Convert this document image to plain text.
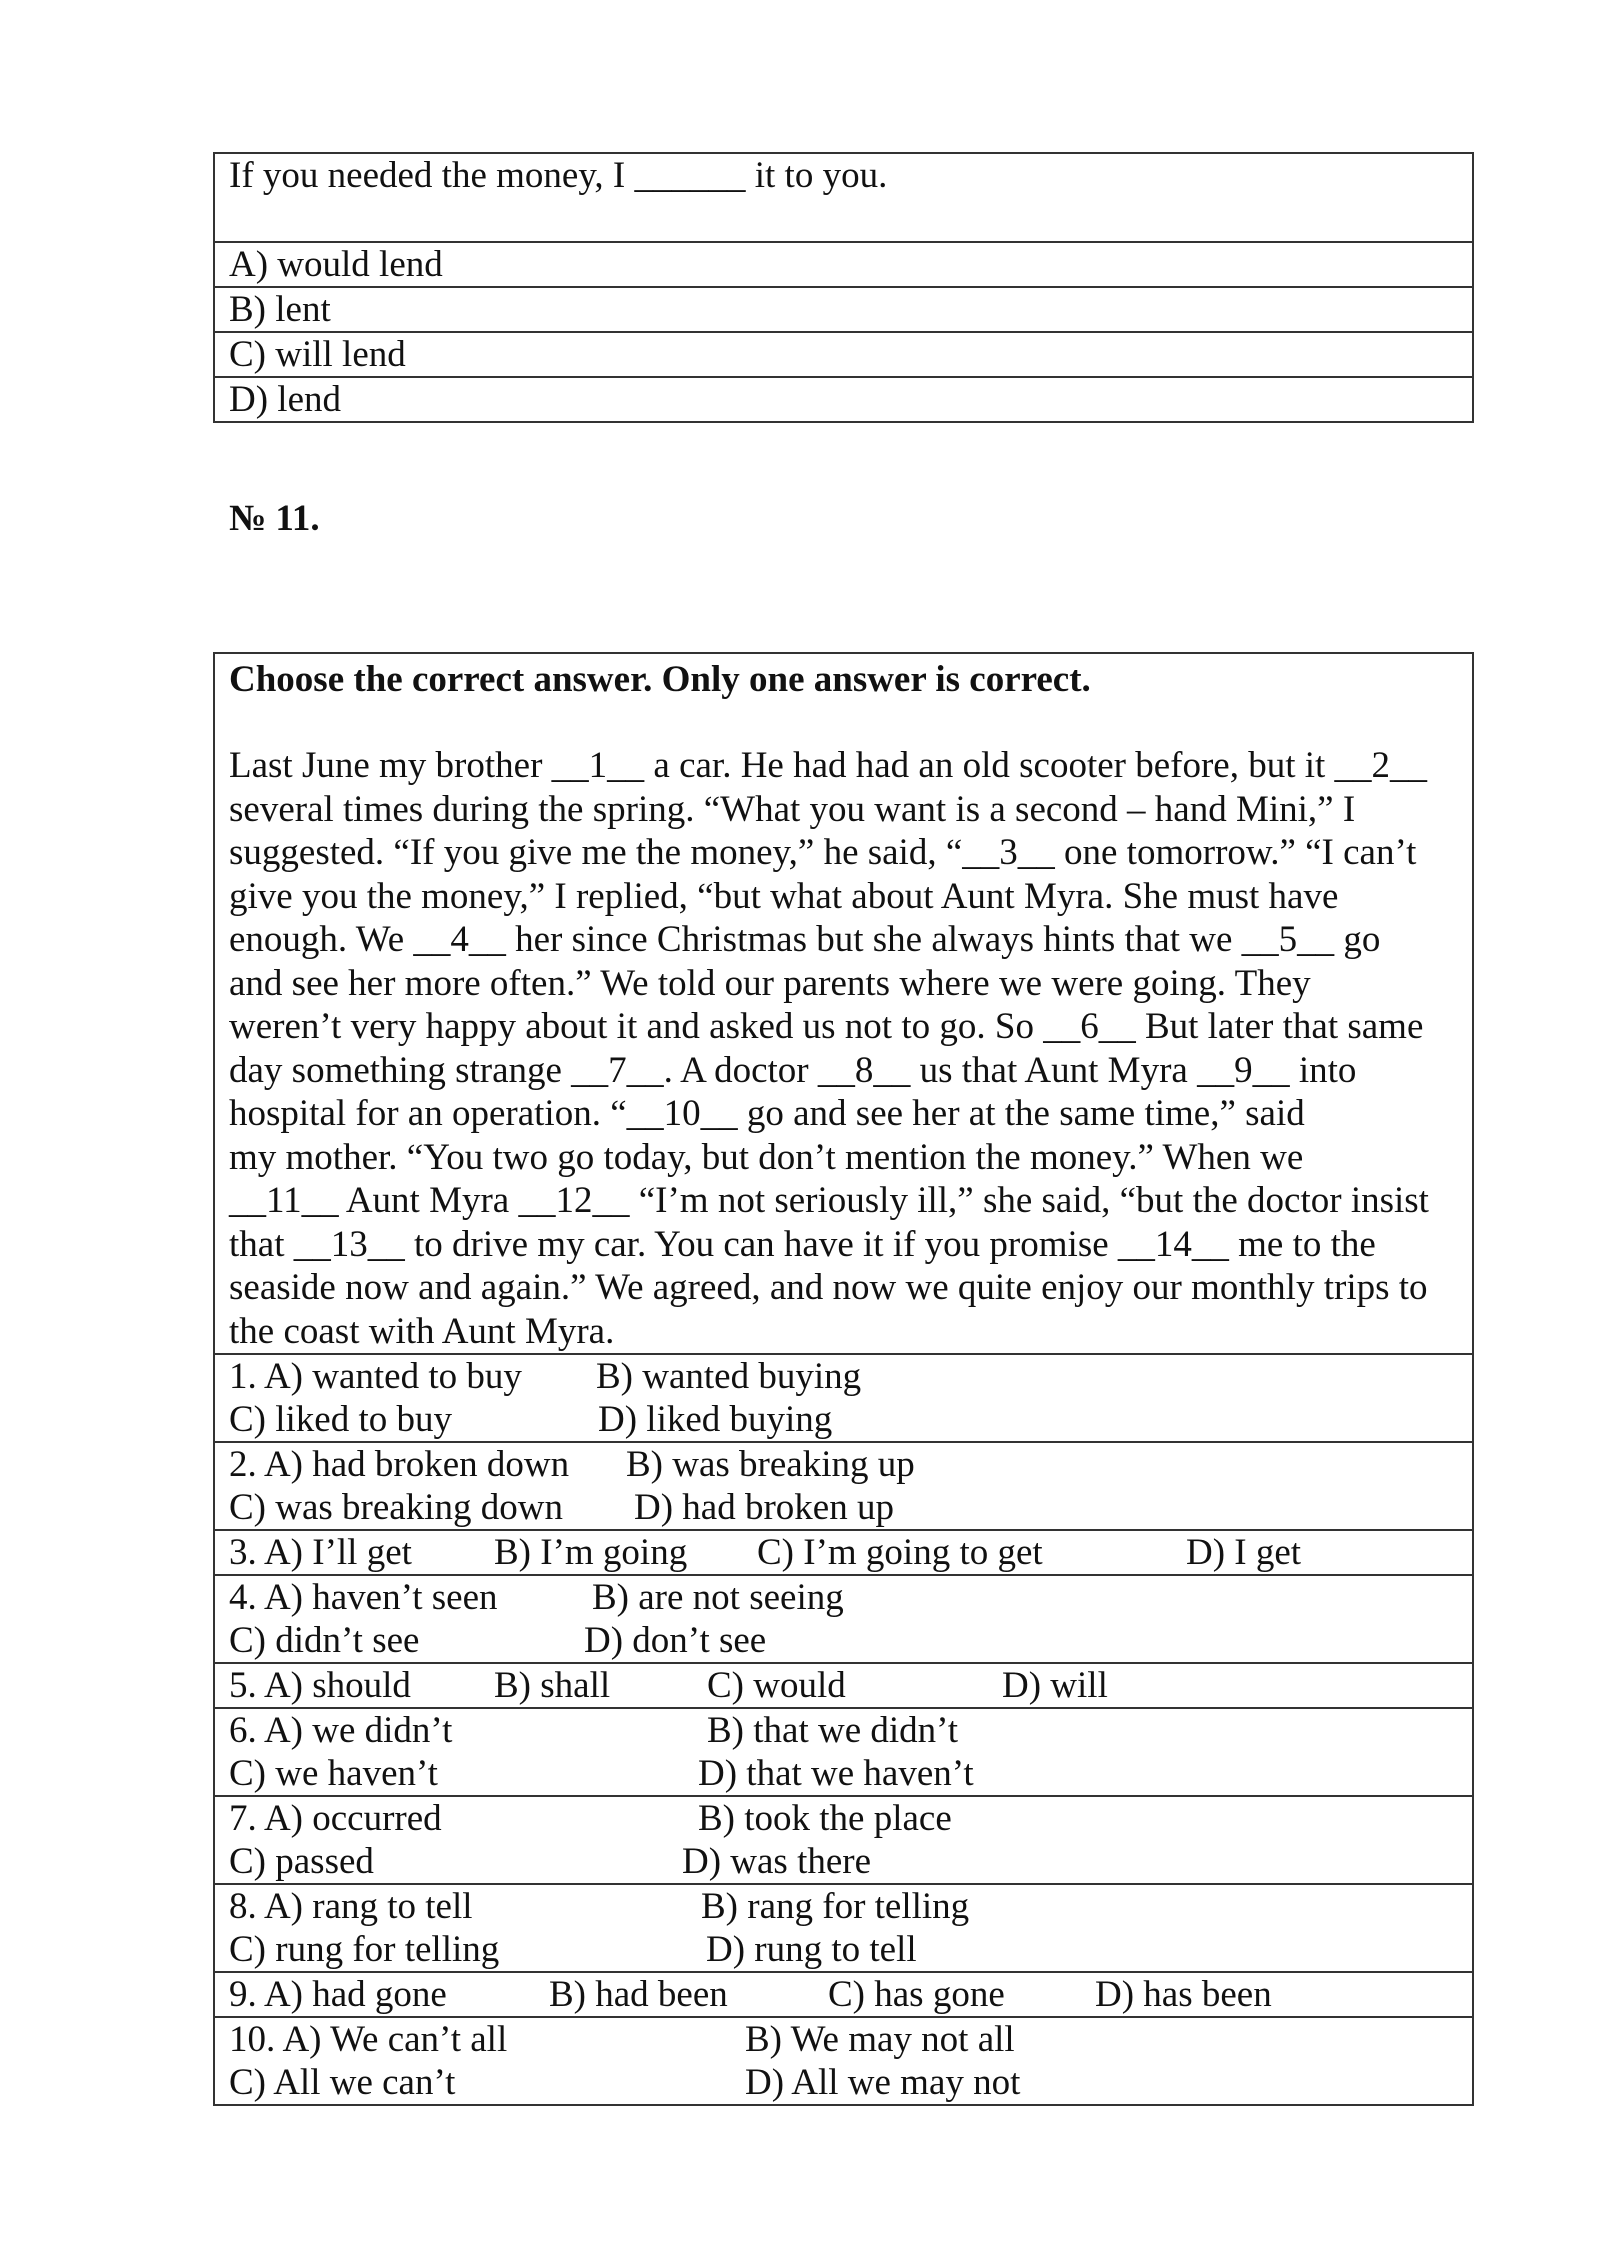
If you needed the money, I ______ it to you.
A) would lend
B) lent
C) will lend
D) lend
№ 11.
Choose the correct answer. Only one answer is correct.
Last June my brother __1__ a car. He had had an old scooter before, but it __2__
several times during the spring. “What you want is a second – hand Mini,” I
suggested. “If you give me the money,” he said, “__3__ one tomorrow.” “I can’t
give you the money,” I replied, “but what about Aunt Myra. She must have
enough. We __4__ her since Christmas but she always hints that we __5__ go
and see her more often.” We told our parents where we were going. They
weren’t very happy about it and asked us not to go. So __6__ But later that same
day something strange __7__. A doctor __8__ us that Aunt Myra __9__ into
hospital for an operation. “__10__ go and see her at the same time,” said
my mother. “You two go today, but don’t mention the money.” When we
__11__ Aunt Myra __12__ “I’m not seriously ill,” she said, “but the doctor insist
that __13__ to drive my car. You can have it if you promise __14__ me to the
seaside now and again.” We agreed, and now we quite enjoy our monthly trips to
the coast with Aunt Myra.

1. A) wanted to buy B) wanted buying
C) liked to buy	D) liked buying

2. A) had broken down B) was breaking up
C) was breaking down D) had broken up

3. A) I’ll get B) I’m going C) I’m going to get	D) I get

4. A) haven’t seen	B) are not seeing
C) didn’t see	D) don’t see

5. A) should B) shall	C) would	D) will

6. A) we didn’t	B) that we didn’t
C) we haven’t	D) that we haven’t

7. A) occurred	B) took the place
C) passed	D) was there

8. A) rang to tell	B) rang for telling
C) rung for telling	D) rung to tell

9. A) had gone	B) had been	C) has gone D) has been

10. A) We can’t all	B) We may not all
C) All we can’t	D) All we may not
